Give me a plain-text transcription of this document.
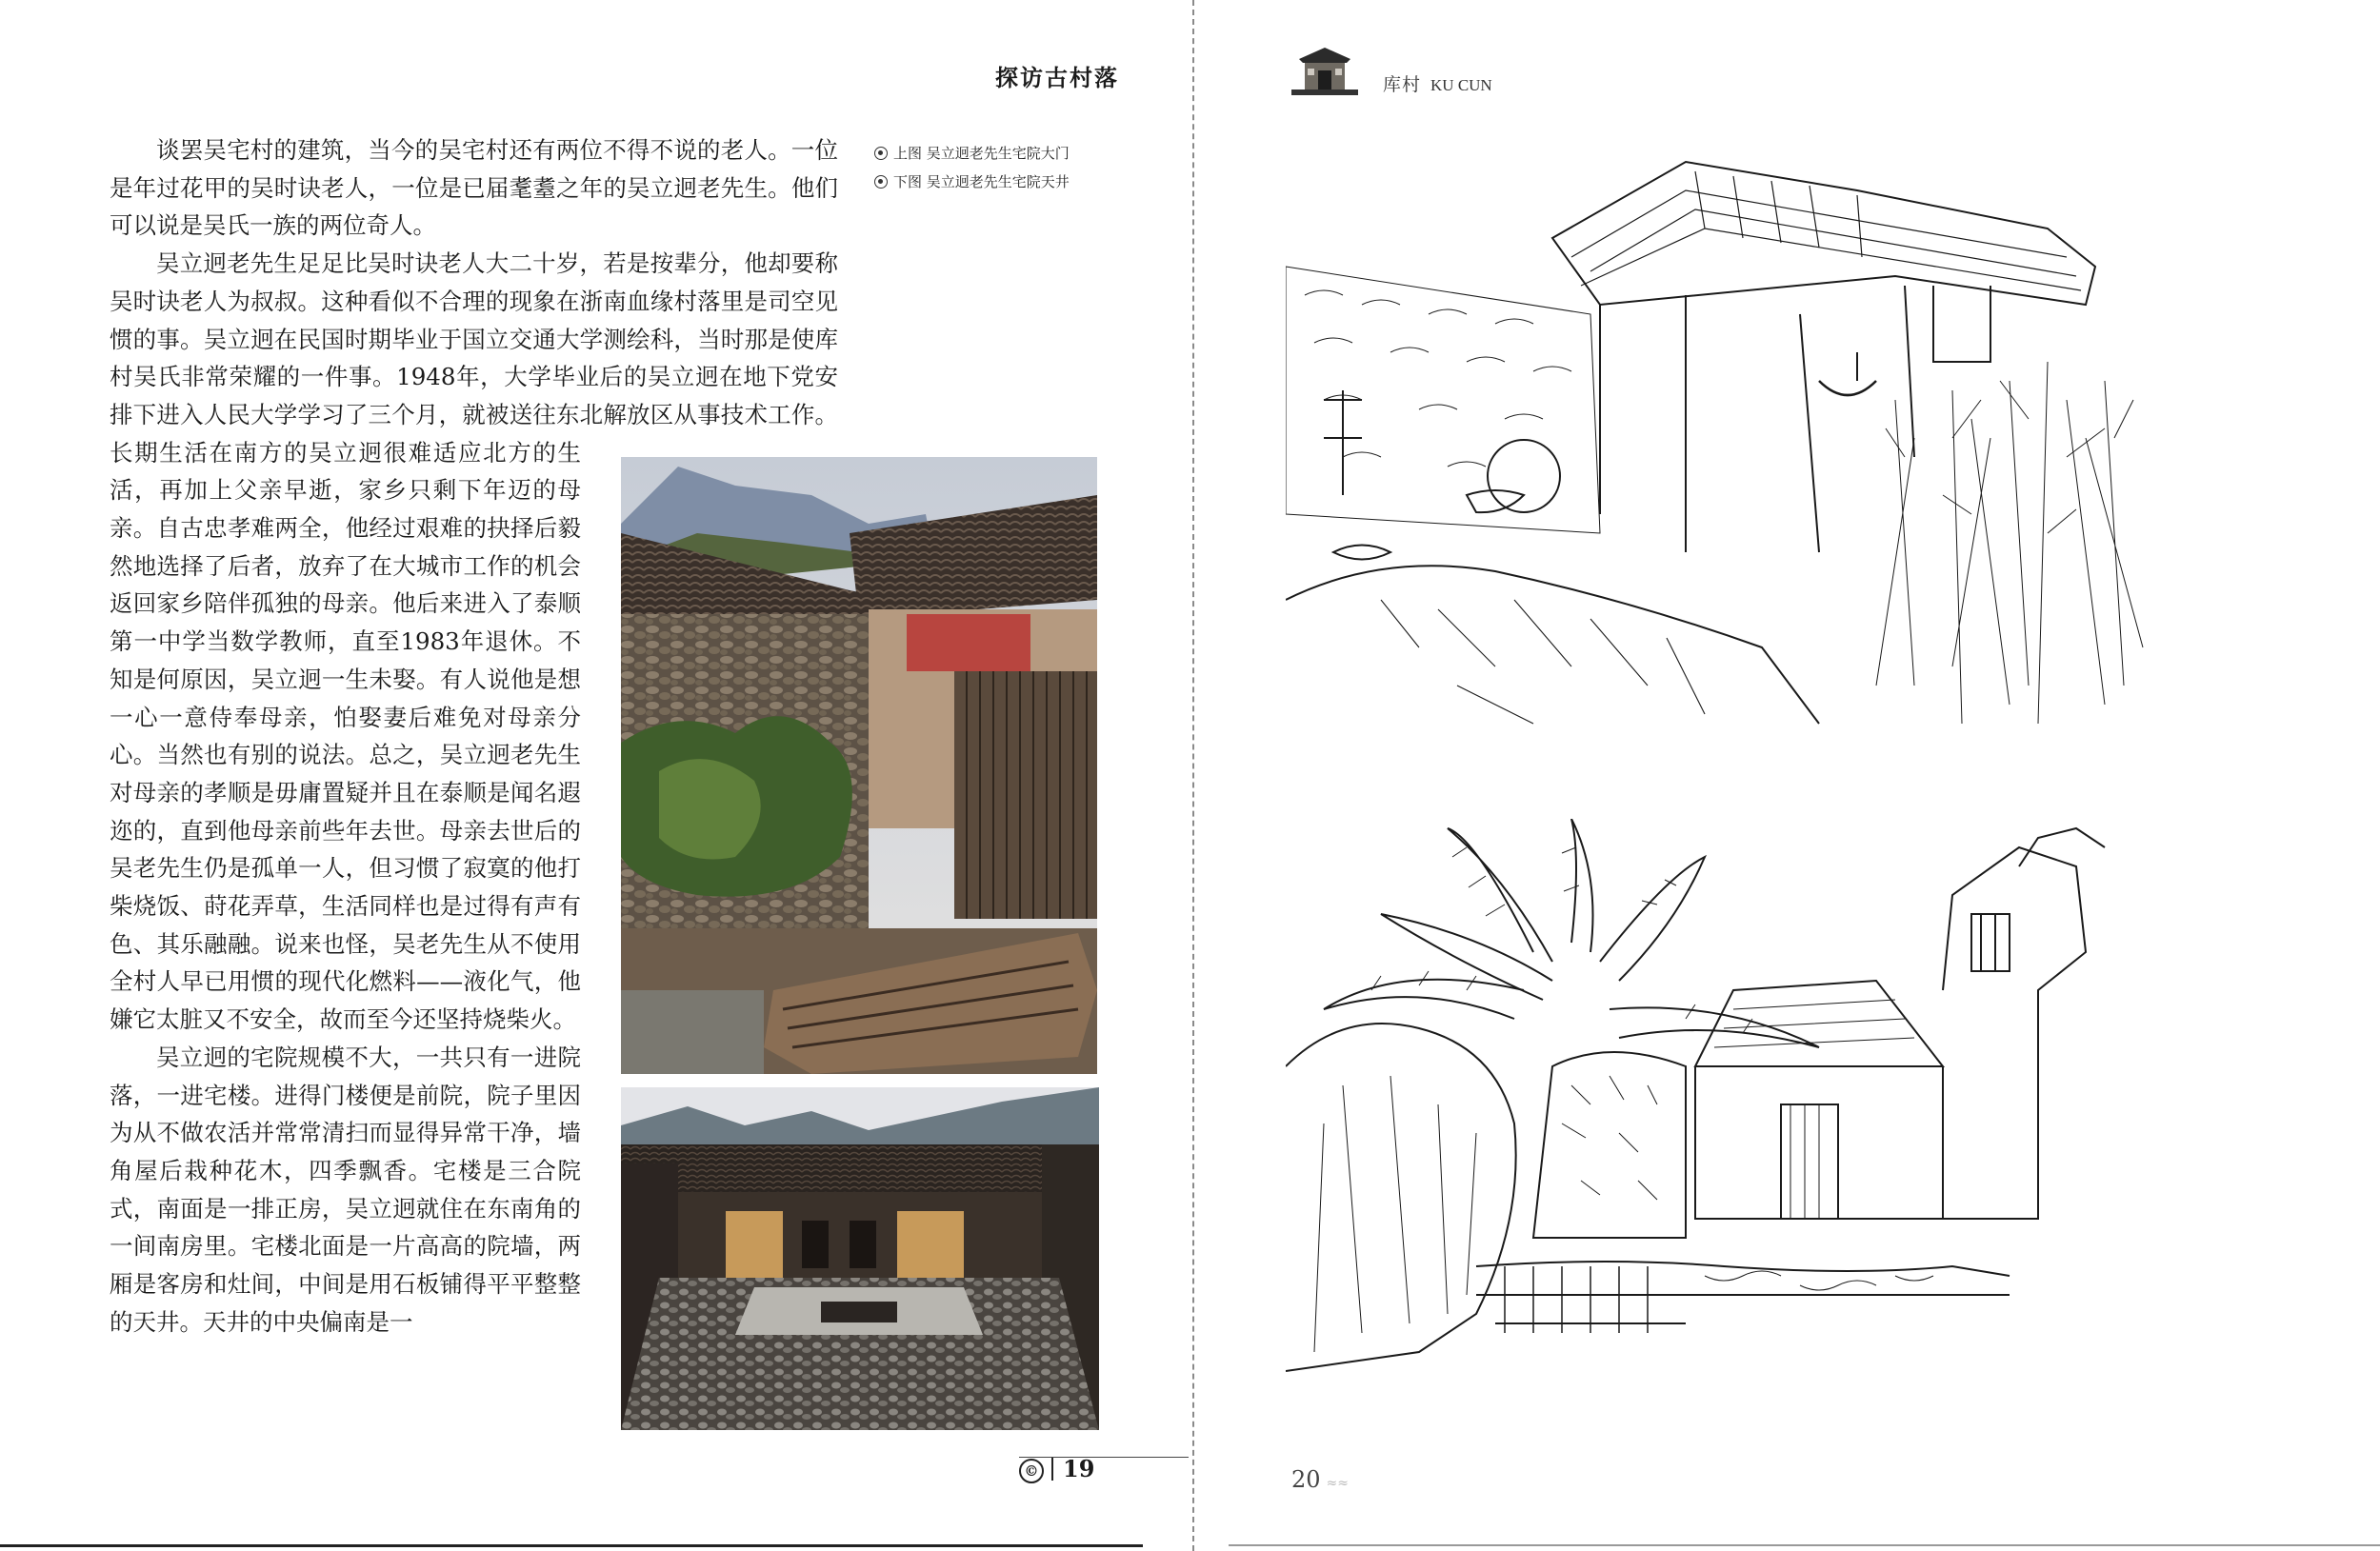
探访古村落
上图 吴立迥老先生宅院大门
下图 吴立迥老先生宅院天井

谈罢吴宅村的建筑，当今的吴宅村还有两位不得不说的老人。一位是年过花甲的吴时诀老人，一位是已届耄耋之年的吴立迥老先生。他们可以说是吴氏一族的两位奇人。

吴立迥老先生足足比吴时诀老人大二十岁，若是按辈分，他却要称吴时诀老人为叔叔。这种看似不合理的现象在浙南血缘村落里是司空见惯的事。吴立迥在民国时期毕业于国立交通大学测绘科，当时那是使库村吴氏非常荣耀的一件事。1948年，大学毕业后的吴立迥在地下党安排下进入人民大学学习了三个月，就被送往东北解放区从事技术工作。长期生活在南方的吴立迥很难适应北方的生活，再加上父亲早逝，家乡只剩下年迈的母亲。自古忠孝难两全，他经过艰难的抉择后毅然地选择了后者，放弃了在大城市工作的机会返回家乡陪伴孤独的母亲。他后来进入了泰顺第一中学当数学教师，直至1983年退休。不知是何原因，吴立迥一生未娶。有人说他是想一心一意侍奉母亲，怕娶妻后难免对母亲分心。当然也有别的说法。总之，吴立迥老先生对母亲的孝顺是毋庸置疑并且在泰顺是闻名遐迩的，直到他母亲前些年去世。母亲去世后的吴老先生仍是孤单一人，但习惯了寂寞的他打柴烧饭、莳花弄草，生活同样也是过得有声有色、其乐融融。说来也怪，吴老先生从不使用全村人早已用惯的现代化燃料——液化气，他嫌它太脏又不安全，故而至今还坚持烧柴火。

吴立迥的宅院规模不大，一共只有一进院落，一进宅楼。进得门楼便是前院，院子里因为从不做农活并常常清扫而显得异常干净，墙角屋后栽种花木，四季飘香。宅楼是三合院式，南面是一排正房，吴立迥就住在东南角的一间南房里。宅楼北面是一片高高的院墙，两厢是客房和灶间，中间是用石板铺得平平整整的天井。天井的中央偏南是一

© 19
库村 KU CUN
20 ≈≈
